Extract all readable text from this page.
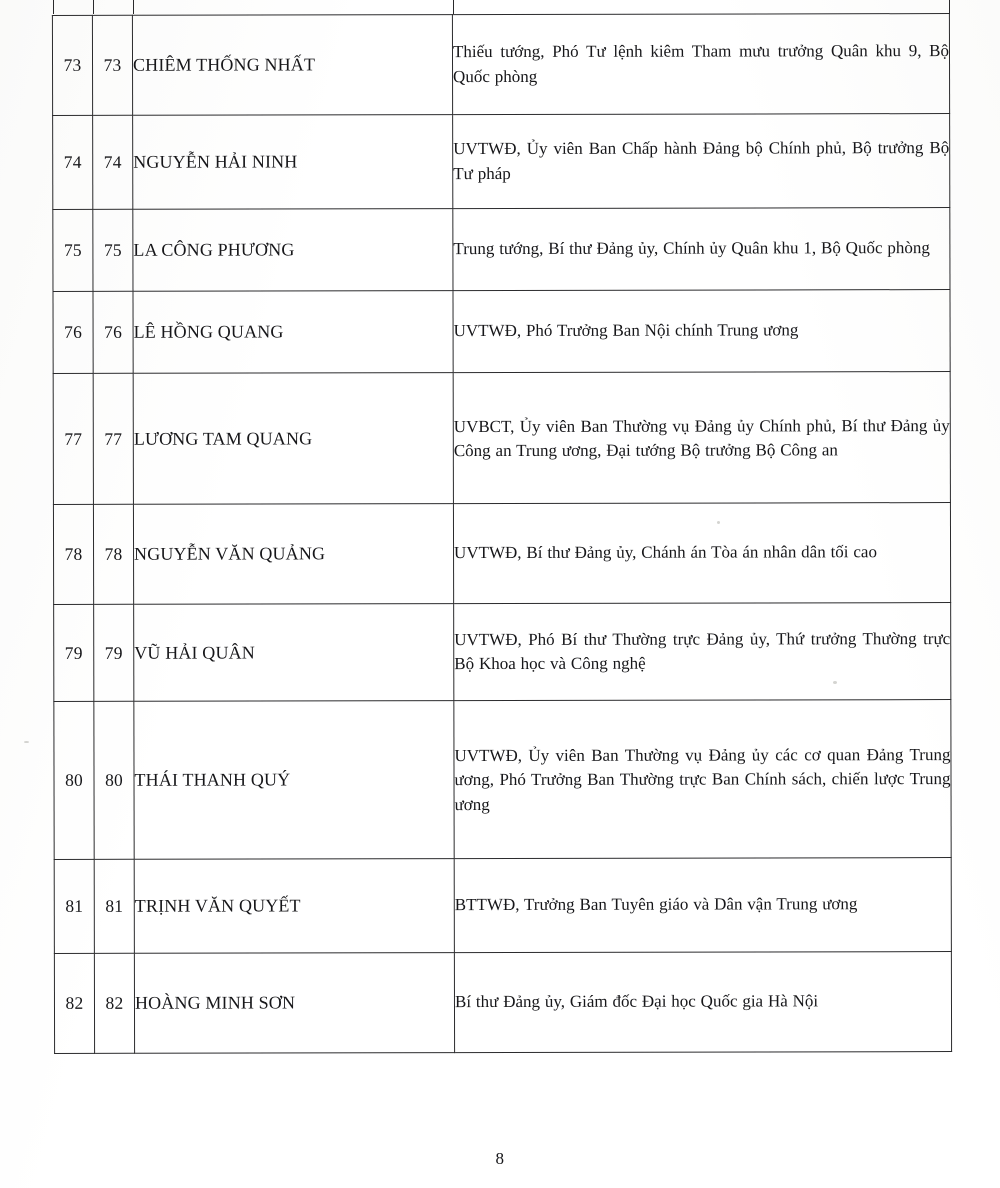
73	73	CHIÊM THỐNG NHẤT	Thiếu tướng, Phó Tư lệnh kiêm Tham mưu trưởng Quân khu 9, Bộ Quốc phòng
74	74	NGUYỄN HẢI NINH	UVTWĐ, Ủy viên Ban Chấp hành Đảng bộ Chính phủ, Bộ trưởng Bộ Tư pháp
75	75	LA CÔNG PHƯƠNG	Trung tướng, Bí thư Đảng ủy, Chính ủy Quân khu 1, Bộ Quốc phòng
76	76	LÊ HỒNG QUANG	UVTWĐ, Phó Trưởng Ban Nội chính Trung ương
77	77	LƯƠNG TAM QUANG	UVBCT, Ủy viên Ban Thường vụ Đảng ủy Chính phủ, Bí thư Đảng ủy Công an Trung ương, Đại tướng Bộ trưởng Bộ Công an
78	78	NGUYỄN VĂN QUẢNG	UVTWĐ, Bí thư Đảng ủy, Chánh án Tòa án nhân dân tối cao
79	79	VŨ HẢI QUÂN	UVTWĐ, Phó Bí thư Thường trực Đảng ủy, Thứ trưởng Thường trực Bộ Khoa học và Công nghệ
80	80	THÁI THANH QUÝ	UVTWĐ, Ủy viên Ban Thường vụ Đảng ủy các cơ quan Đảng Trung ương, Phó Trưởng Ban Thường trực Ban Chính sách, chiến lược Trung ương
81	81	TRỊNH VĂN QUYẾT	BTTWĐ, Trưởng Ban Tuyên giáo và Dân vận Trung ương
82	82	HOÀNG MINH SƠN	Bí thư Đảng ủy, Giám đốc Đại học Quốc gia Hà Nội
8
